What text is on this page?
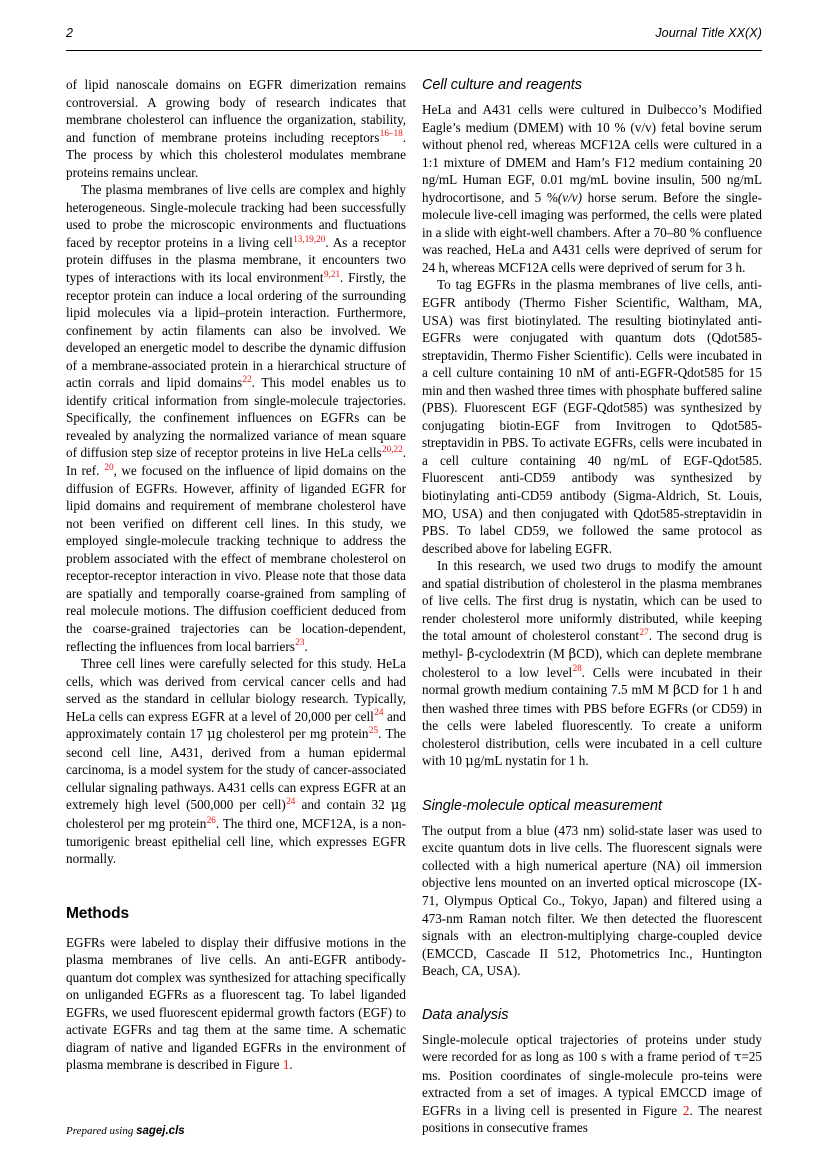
2	Journal Title XX(X)

of lipid nanoscale domains on EGFR dimerization remains controversial. A growing body of research indicates that membrane cholesterol can influence the organization, stability, and function of membrane proteins including receptors$^{16-18}$. The process by which this cholesterol modulates membrane proteins remains unclear.

The plasma membranes of live cells are complex and highly heterogeneous. Single-molecule tracking had been successfully used to probe the microscopic environments and fluctuations faced by receptor proteins in a living cell$^{13,19,20}$. As a receptor protein diffuses in the plasma membrane, it encounters two types of interactions with its local environment$^{9,21}$. Firstly, the receptor protein can induce a local ordering of the surrounding lipid molecules via a lipid–protein interaction. Furthermore, confinement by actin filaments can also be involved. We developed an energetic model to describe the dynamic diffusion of a membrane-associated protein in a hierarchical structure of actin corrals and lipid domains$^{22}$. This model enables us to identify critical information from single-molecule trajectories. Specifically, the confinement influences on EGFRs can be revealed by analyzing the normalized variance of mean square of diffusion step size of receptor proteins in live HeLa cells$^{20,22}$. In ref. $^{20}$, we focused on the influence of lipid domains on the diffusion of EGFRs. However, affinity of liganded EGFR for lipid domains and requirement of membrane cholesterol have not been verified on different cell lines. In this study, we employed single-molecule tracking technique to address the problem associated with the effect of membrane cholesterol on receptor-receptor interaction in vivo. Please note that those data are spatially and temporally coarse-grained from sampling of real molecule motions. The diffusion coefficient deduced from the coarse-grained trajectories can be location-dependent, reflecting the influences from local barriers$^{23}$.

Three cell lines were carefully selected for this study. HeLa cells, which was derived from cervical cancer cells and had served as the standard in cellular biology research. Typically, HeLa cells can express EGFR at a level of 20,000 per cell$^{24}$ and approximately contain 17 μg cholesterol per mg protein$^{25}$. The second cell line, A431, derived from a human epidermal carcinoma, is a model system for the study of cancer-associated cellular signaling pathways. A431 cells can express EGFR at an extremely high level (500,000 per cell)$^{24}$ and contain 32 μg cholesterol per mg protein$^{26}$. The third one, MCF12A, is a non-tumorigenic breast epithelial cell line, which expresses EGFR normally.

Methods

EGFRs were labeled to display their diffusive motions in the plasma membranes of live cells. An anti-EGFR antibody-quantum dot complex was synthesized for attaching specifically on unliganded EGFRs as a fluorescent tag. To label liganded EGFRs, we used fluorescent epidermal growth factors (EGF) to activate EGFRs and tag them at the same time. A schematic diagram of native and liganded EGFRs in the environment of plasma membrane is described in Figure 1.

Cell culture and reagents

HeLa and A431 cells were cultured in Dulbecco’s Modified Eagle’s medium (DMEM) with 10 % (v/v) fetal bovine serum without phenol red, whereas MCF12A cells were cultured in a 1:1 mixture of DMEM and Ham’s F12 medium containing 20 ng/mL Human EGF, 0.01 mg/mL bovine insulin, 500 ng/mL hydrocortisone, and 5 %(v/v) horse serum. Before the single-molecule live-cell imaging was performed, the cells were plated in a slide with eight-well chambers. After a 70–80 % confluence was reached, HeLa and A431 cells were deprived of serum for 24 h, whereas MCF12A cells were deprived of serum for 3 h.

To tag EGFRs in the plasma membranes of live cells, anti-EGFR antibody (Thermo Fisher Scientific, Waltham, MA, USA) was first biotinylated. The resulting biotinylated anti-EGFRs were conjugated with quantum dots (Qdot585-streptavidin, Thermo Fisher Scientific). Cells were incubated in a cell culture containing 10 nM of anti-EGFR-Qdot585 for 15 min and then washed three times with phosphate buffered saline (PBS). Fluorescent EGF (EGF-Qdot585) was synthesized by conjugating biotin-EGF from Invitrogen to Qdot585-streptavidin in PBS. To activate EGFRs, cells were incubated in a cell culture containing 40 ng/mL of EGF-Qdot585. Fluorescent anti-CD59 antibody was synthesized by biotinylating anti-CD59 antibody (Sigma-Aldrich, St. Louis, MO, USA) and then conjugated with Qdot585-streptavidin in PBS. To label CD59, we followed the same protocol as described above for labeling EGFR.

In this research, we used two drugs to modify the amount and spatial distribution of cholesterol in the plasma membranes of live cells. The first drug is nystatin, which can be used to render cholesterol more uniformly distributed, while keeping the total amount of cholesterol constant$^{27}$. The second drug is methyl- β-cyclodextrin (M βCD), which can deplete membrane cholesterol to a low level$^{28}$. Cells were incubated in their normal growth medium containing 7.5 mM M βCD for 1 h and then washed three times with PBS before EGFRs (or CD59) in the cells were labeled fluorescently. To create a uniform cholesterol distribution, cells were incubated in a cell culture with 10 μg/mL nystatin for 1 h.

Single-molecule optical measurement

The output from a blue (473 nm) solid-state laser was used to excite quantum dots in live cells. The fluorescent signals were collected with a high numerical aperture (NA) oil immersion objective lens mounted on an inverted optical microscope (IX-71, Olympus Optical Co., Tokyo, Japan) and filtered using a 473-nm Raman notch filter. We then detected the fluorescent signals with an electron-multiplying charge-coupled device (EMCCD, Cascade II 512, Photometrics Inc., Huntington Beach, CA, USA).

Data analysis

Single-molecule optical trajectories of proteins under study were recorded for as long as 100 s with a frame period of τ=25 ms. Position coordinates of single-molecule pro-teins were extracted from a set of images. A typical EMCCD image of EGFRs in a living cell is presented in Figure 2. The nearest positions in consecutive frames

Prepared using sagej.cls
